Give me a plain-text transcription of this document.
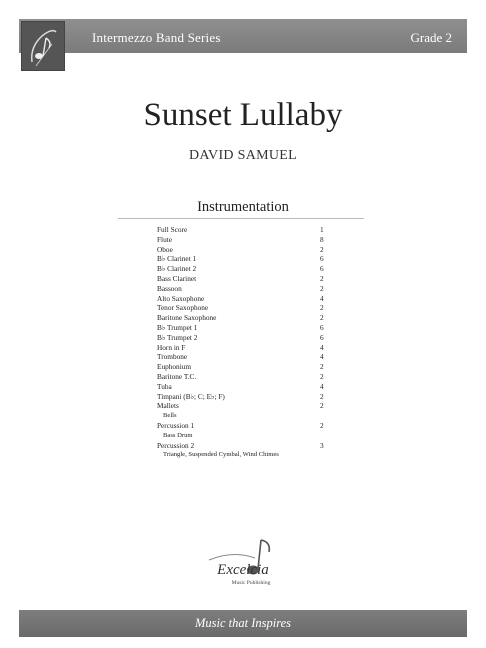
Intermezzo Band Series	Grade 2
Sunset Lullaby
DAVID SAMUEL
Instrumentation
Full Score	1
Flute	8
Oboe	2
B♭ Clarinet 1	6
B♭ Clarinet 2	6
Bass Clarinet	2
Bassoon	2
Alto Saxophone	4
Tenor Saxophone	2
Baritone Saxophone	2
B♭ Trumpet 1	6
B♭ Trumpet 2	6
Horn in F	4
Trombone	4
Euphonium	2
Baritone T.C.	2
Tuba	4
Timpani (B♭; C; E♭; F)	2
Mallets	2
Bells
Percussion 1	2
Bass Drum
Percussion 2	3
Triangle, Suspended Cymbal, Wind Chimes
Excelcia
Music Publishing
Music that Inspires
